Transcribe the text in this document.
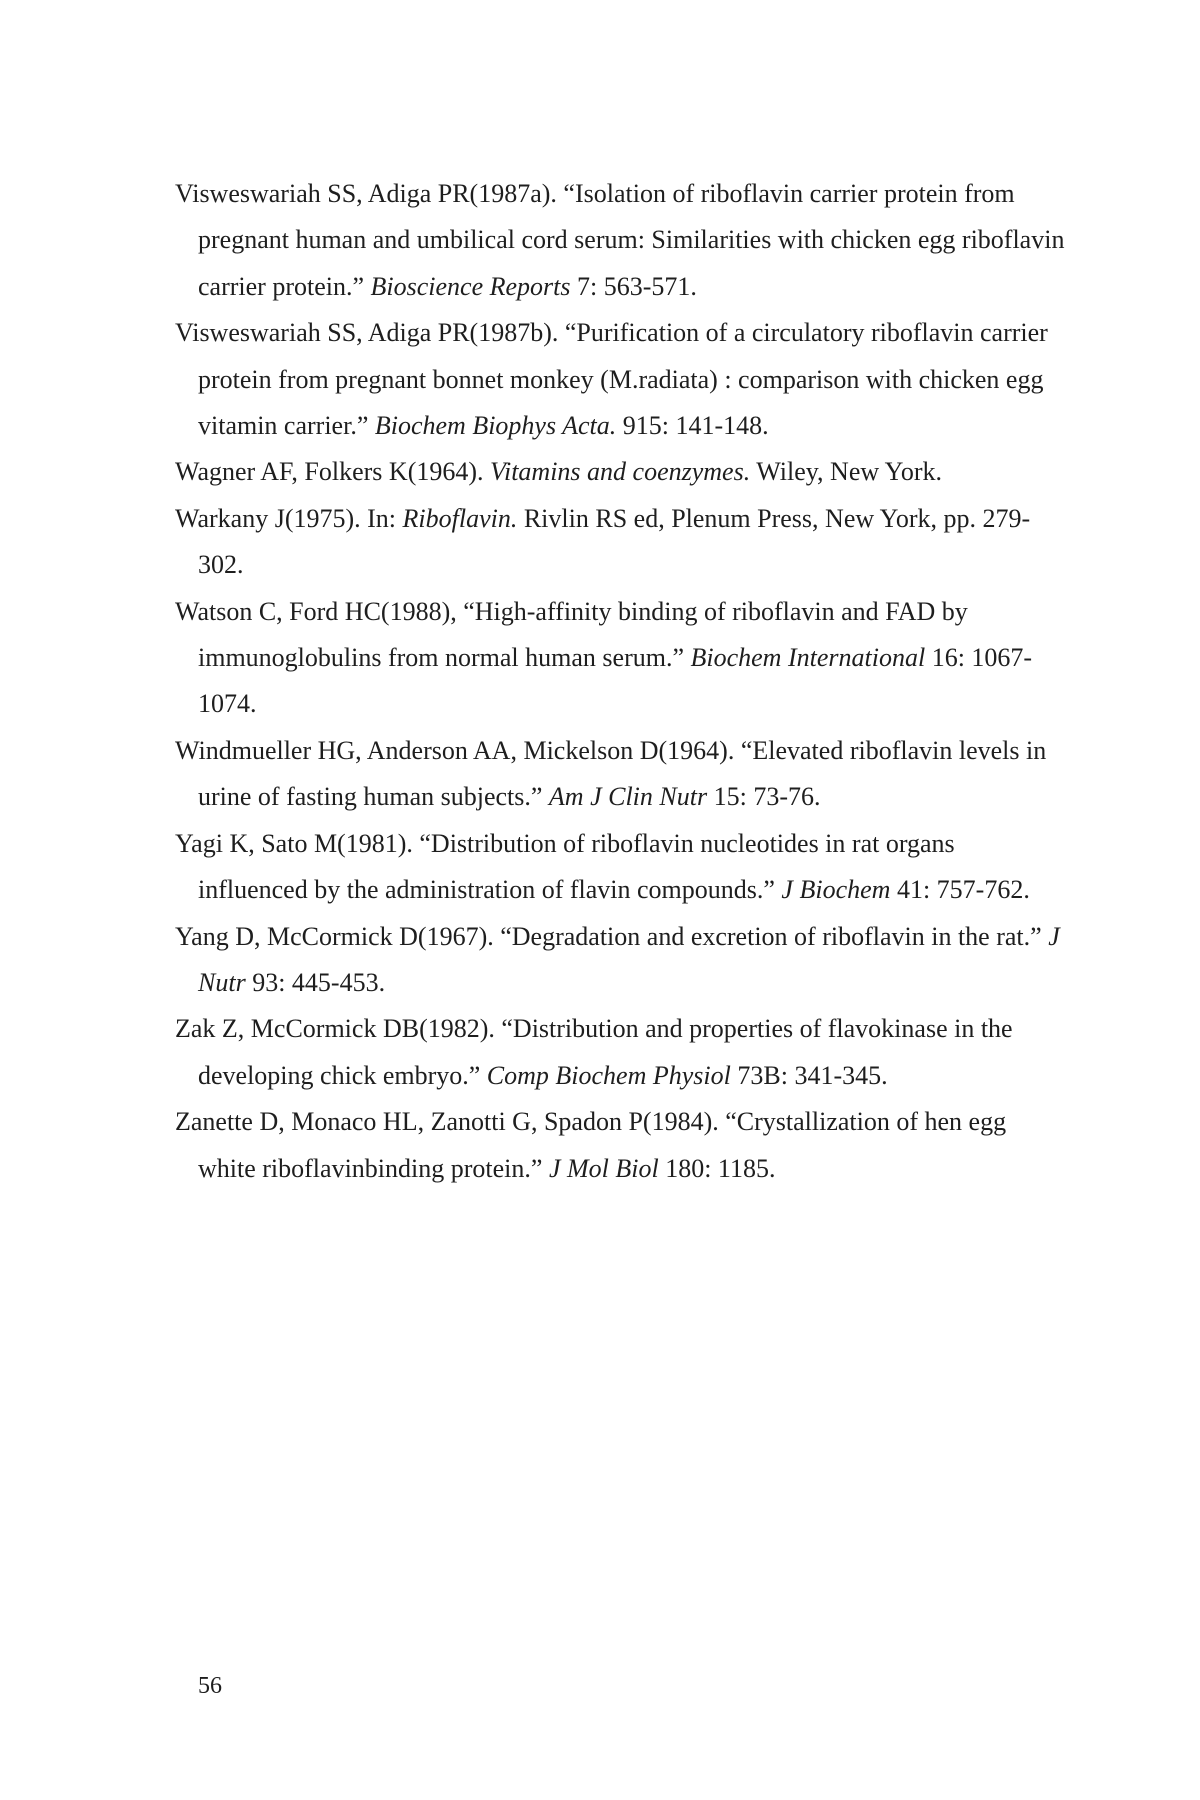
Visweswariah SS, Adiga PR(1987a). “Isolation of riboflavin carrier protein from pregnant human and umbilical cord serum: Similarities with chicken egg riboflavin carrier protein.” Bioscience Reports 7: 563-571.

Visweswariah SS, Adiga PR(1987b). “Purification of a circulatory riboflavin carrier protein from pregnant bonnet monkey (M.radiata) : comparison with chicken egg vitamin carrier.” Biochem Biophys Acta. 915: 141-148.

Wagner AF, Folkers K(1964). Vitamins and coenzymes. Wiley, New York.

Warkany J(1975). In: Riboflavin. Rivlin RS ed, Plenum Press, New York, pp. 279-302.

Watson C, Ford HC(1988), “High-affinity binding of riboflavin and FAD by immunoglobulins from normal human serum.” Biochem International 16: 1067-1074.

Windmueller HG, Anderson AA, Mickelson D(1964). “Elevated riboflavin levels in urine of fasting human subjects.” Am J Clin Nutr 15: 73-76.

Yagi K, Sato M(1981). “Distribution of riboflavin nucleotides in rat organs influenced by the administration of flavin compounds.” J Biochem 41: 757-762.

Yang D, McCormick D(1967). “Degradation and excretion of riboflavin in the rat.” J Nutr 93: 445-453.

Zak Z, McCormick DB(1982). “Distribution and properties of flavokinase in the developing chick embryo.” Comp Biochem Physiol 73B: 341-345.

Zanette D, Monaco HL, Zanotti G, Spadon P(1984). “Crystallization of hen egg white riboflavinbinding protein.” J Mol Biol 180: 1185.

56
